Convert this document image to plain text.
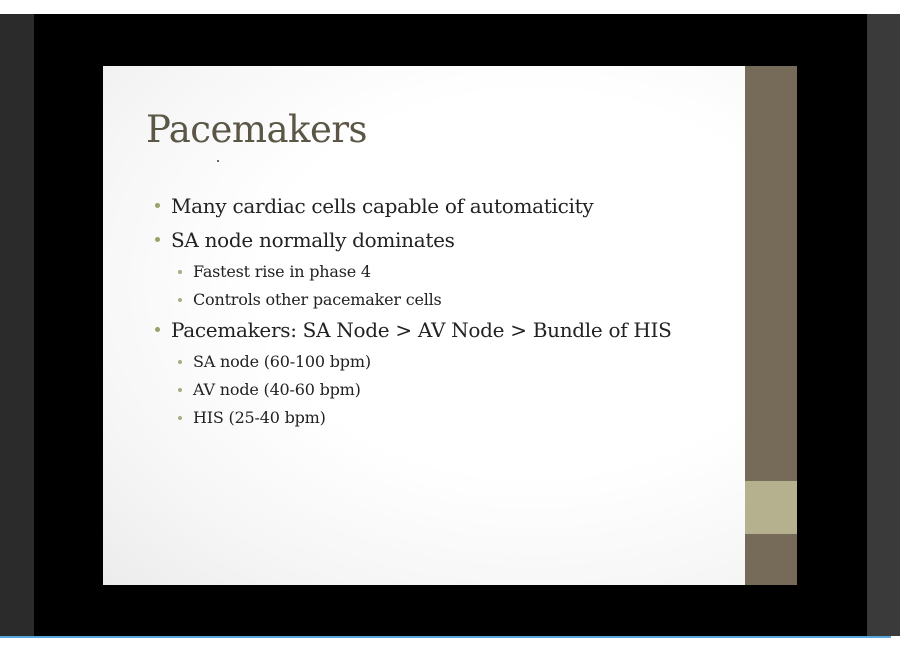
Pacemakers
Many cardiac cells capable of automaticity
SA node normally dominates
Fastest rise in phase 4
Controls other pacemaker cells
Pacemakers: SA Node > AV Node > Bundle of HIS
SA node (60-100 bpm)
AV node (40-60 bpm)
HIS (25-40 bpm)
